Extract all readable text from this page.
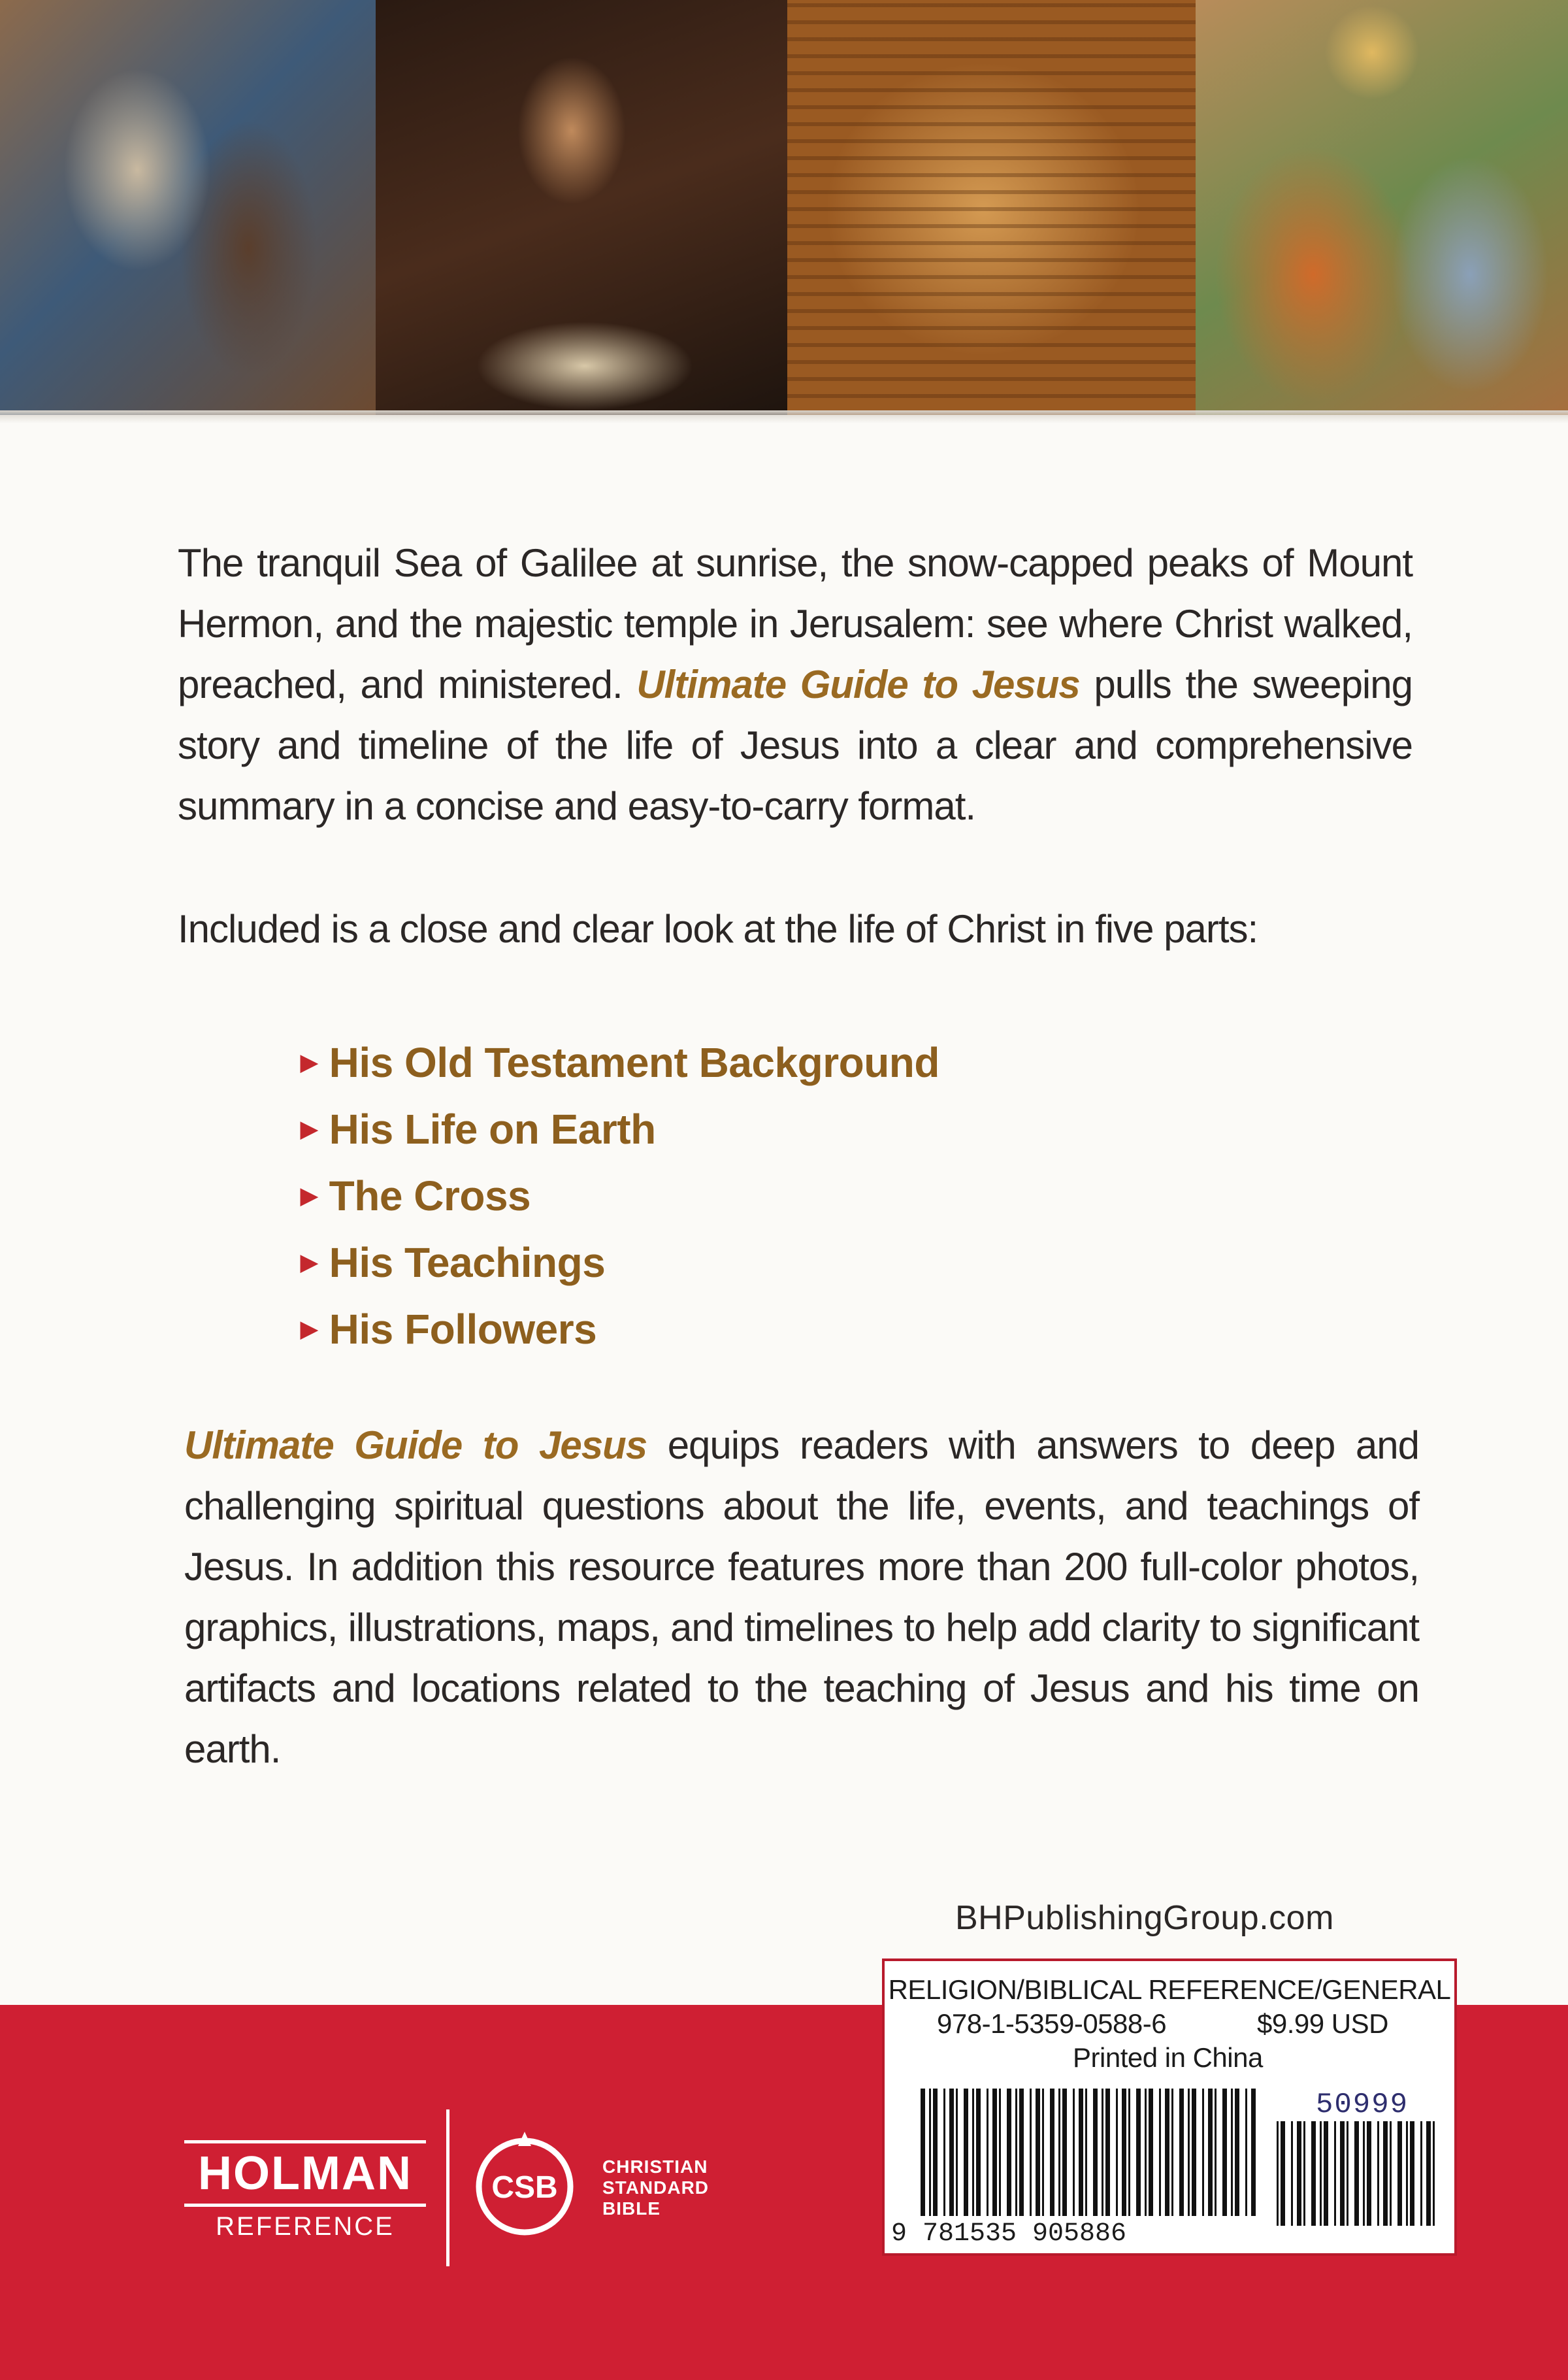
The tranquil Sea of Galilee at sunrise, the snow-capped peaks of Mount Hermon, and the majestic temple in Jerusalem: see where Christ walked, preached, and ministered. Ultimate Guide to Jesus pulls the sweeping story and timeline of the life of Jesus into a clear and comprehensive summary in a concise and easy-to-carry format.

Included is a close and clear look at the life of Christ in five parts:

▶ His Old Testament Background
▶ His Life on Earth
▶ The Cross
▶ His Teachings
▶ His Followers

Ultimate Guide to Jesus equips readers with answers to deep and challenging spiritual questions about the life, events, and teachings of Jesus. In addition this resource features more than 200 full-color photos, graphics, illustrations, maps, and timelines to help add clarity to significant artifacts and locations related to the teaching of Jesus and his time on earth.

BHPublishingGroup.com
RELIGION/BIBLICAL REFERENCE/GENERAL
978-1-5359-0588-6	$9.99 USD
Printed in China
50999
9 781535 905886
HOLMAN
REFERENCE
CSB
CHRISTIAN
STANDARD
BIBLE
